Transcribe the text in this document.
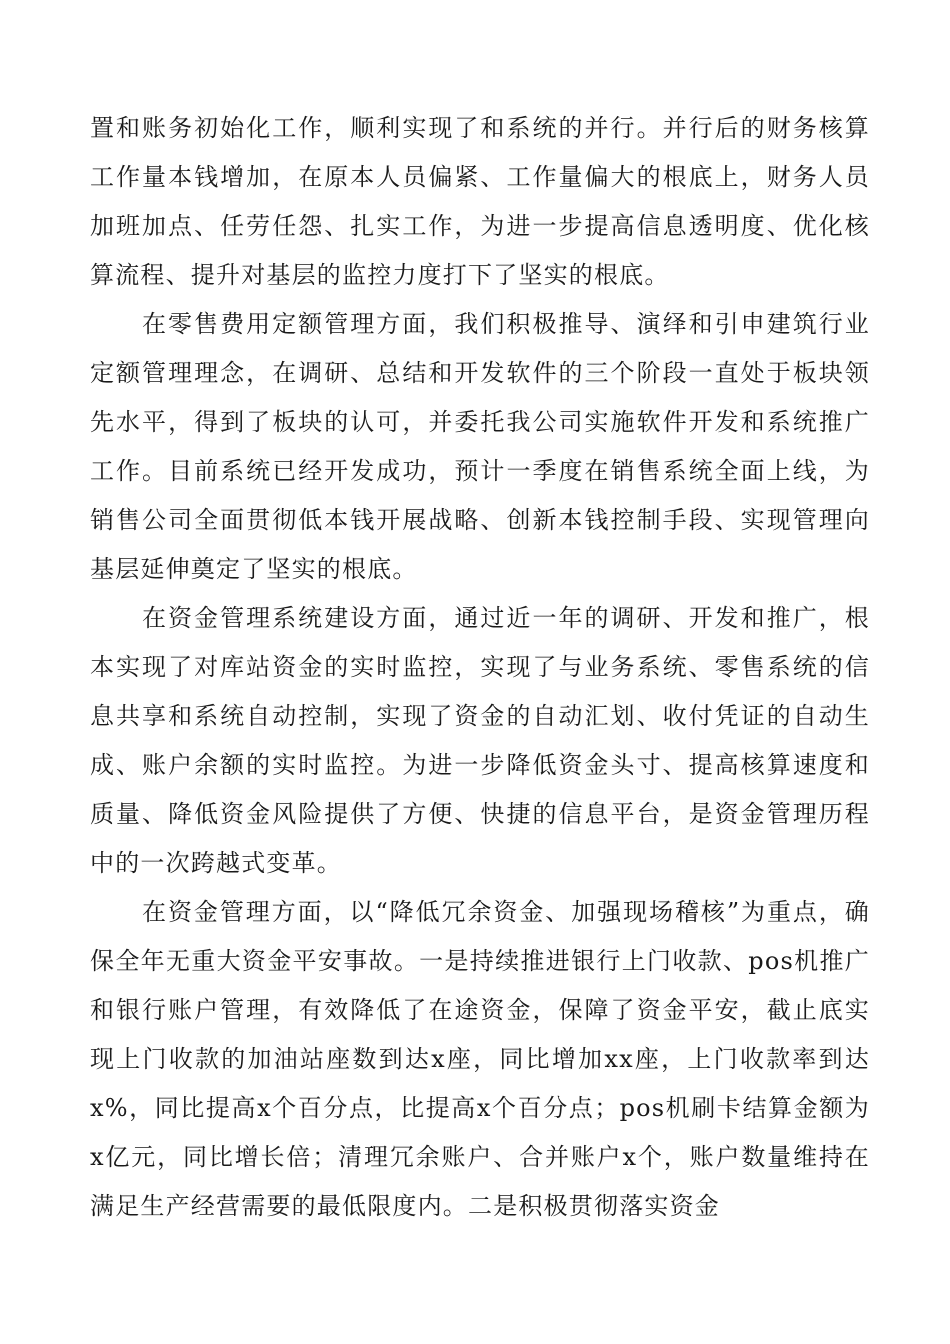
置和账务初始化工作，顺利实现了和系统的并行。并行后的财务核算工作量本钱增加，在原本人员偏紧、工作量偏大的根底上，财务人员加班加点、任劳任怨、扎实工作，为进一步提高信息透明度、优化核算流程、提升对基层的监控力度打下了坚实的根底。

在零售费用定额管理方面，我们积极推导、演绎和引申建筑行业定额管理理念，在调研、总结和开发软件的三个阶段一直处于板块领先水平，得到了板块的认可，并委托我公司实施软件开发和系统推广工作。目前系统已经开发成功，预计一季度在销售系统全面上线，为销售公司全面贯彻低本钱开展战略、创新本钱控制手段、实现管理向基层延伸奠定了坚实的根底。

在资金管理系统建设方面，通过近一年的调研、开发和推广，根本实现了对库站资金的实时监控，实现了与业务系统、零售系统的信息共享和系统自动控制，实现了资金的自动汇划、收付凭证的自动生成、账户余额的实时监控。为进一步降低资金头寸、提高核算速度和质量、降低资金风险提供了方便、快捷的信息平台，是资金管理历程中的一次跨越式变革。

在资金管理方面，以“降低冗余资金、加强现场稽核”为重点，确保全年无重大资金平安事故。一是持续推进银行上门收款、pos机推广和银行账户管理，有效降低了在途资金，保障了资金平安，截止底实现上门收款的加油站座数到达x座，同比增加xx座，上门收款率到达x%，同比提高x个百分点，比提高x个百分点；pos机刷卡结算金额为x亿元，同比增长倍；清理冗余账户、合并账户x个，账户数量维持在满足生产经营需要的最低限度内。二是积极贯彻落实资金
